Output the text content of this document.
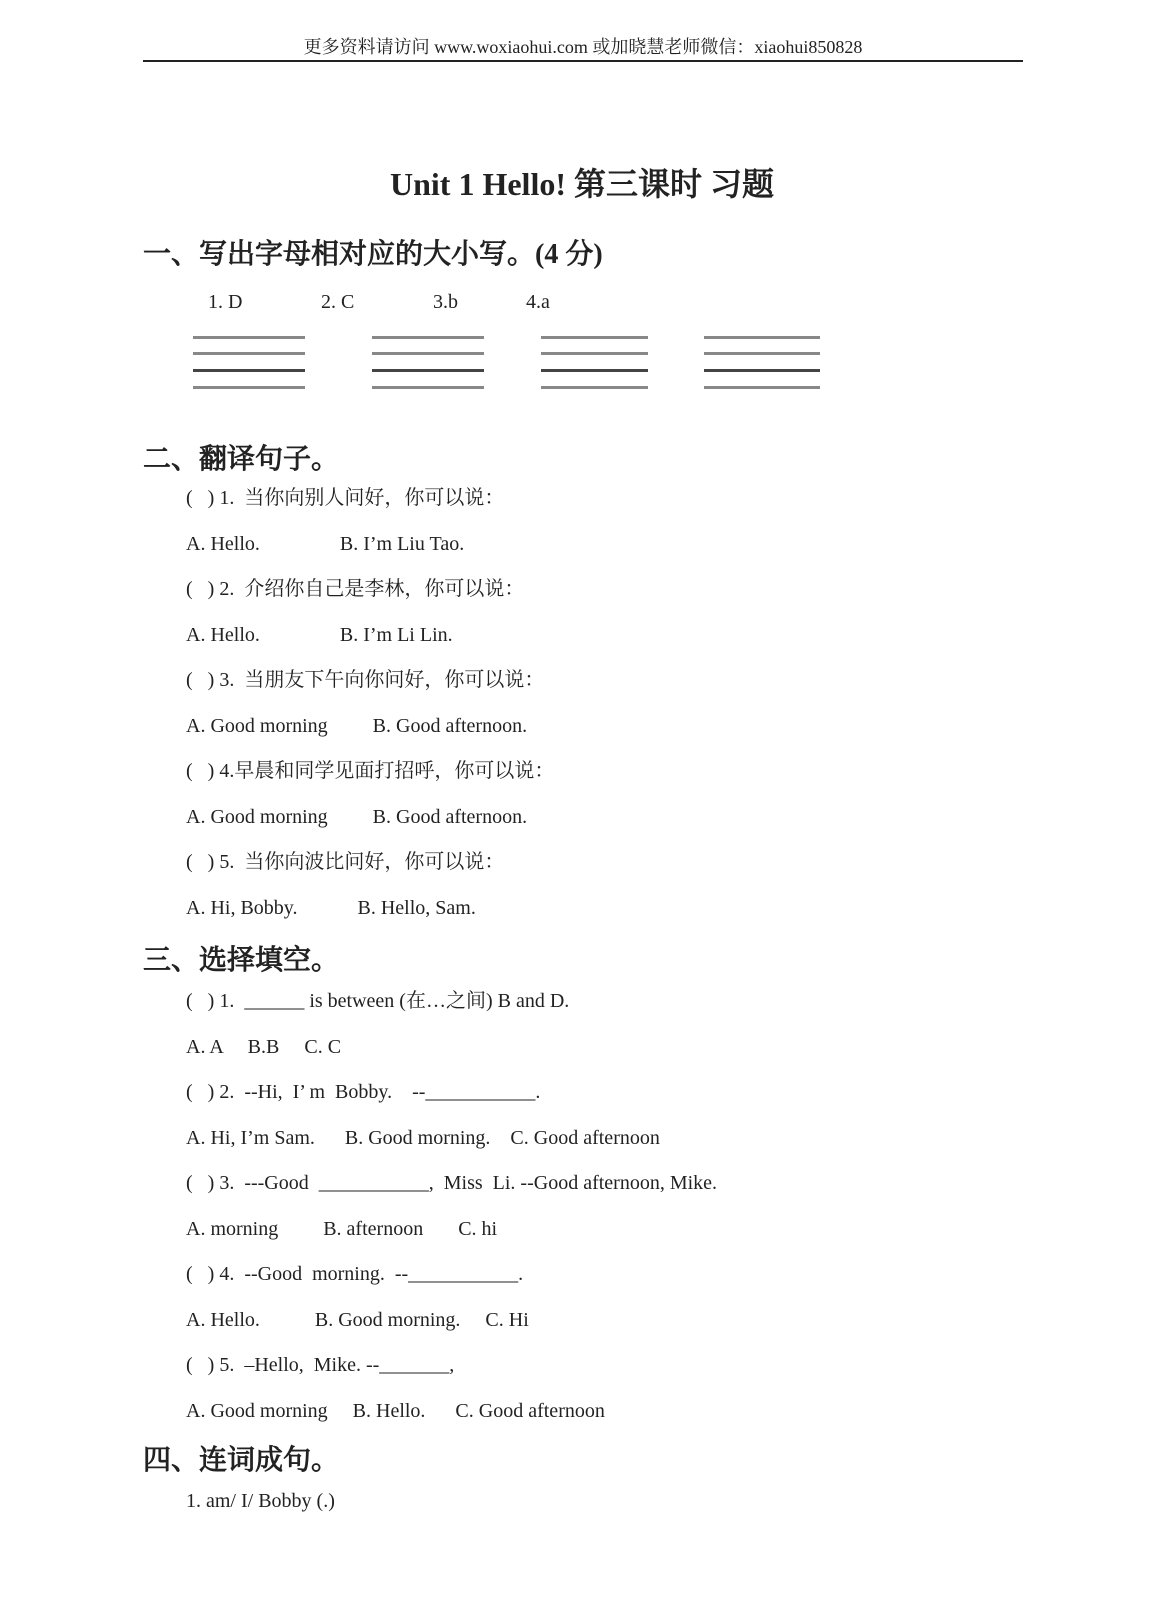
更多资料请访问 www.woxiaohui.com 或加晓慧老师微信：xiaohui850828
Unit 1 Hello! 第三课时 习题
一、写出字母相对应的大小写。(4 分)
1. D	2. C	3.b	4.a
二、翻译句子。
(   ) 1.  当你向别人问好，你可以说：
A. Hello.                B. I’m Liu Tao.
(   ) 2.  介绍你自己是李林，你可以说：
A. Hello.                B. I’m Li Lin.
(   ) 3.  当朋友下午向你问好，你可以说：
A. Good morning         B. Good afternoon.
(   ) 4.早晨和同学见面打招呼，你可以说：
A. Good morning         B. Good afternoon.
(   ) 5.  当你向波比问好，你可以说：
A. Hi, Bobby.            B. Hello, Sam.
三、选择填空。
(   ) 1.  ______ is between (在…之间) B and D.
A. A     B.B     C. C
(   ) 2.  --Hi,  I’ m  Bobby.    --___________.
A. Hi, I’m Sam.      B. Good morning.    C. Good afternoon
(   ) 3.  ---Good  ___________,  Miss  Li. --Good afternoon, Mike.
A. morning         B. afternoon       C. hi
(   ) 4.  --Good  morning.  --___________.
A. Hello.           B. Good morning.     C. Hi
(   ) 5.  –Hello,  Mike. --_______,
A. Good morning     B. Hello.      C. Good afternoon
四、连词成句。
1. am/ I/ Bobby (.)
